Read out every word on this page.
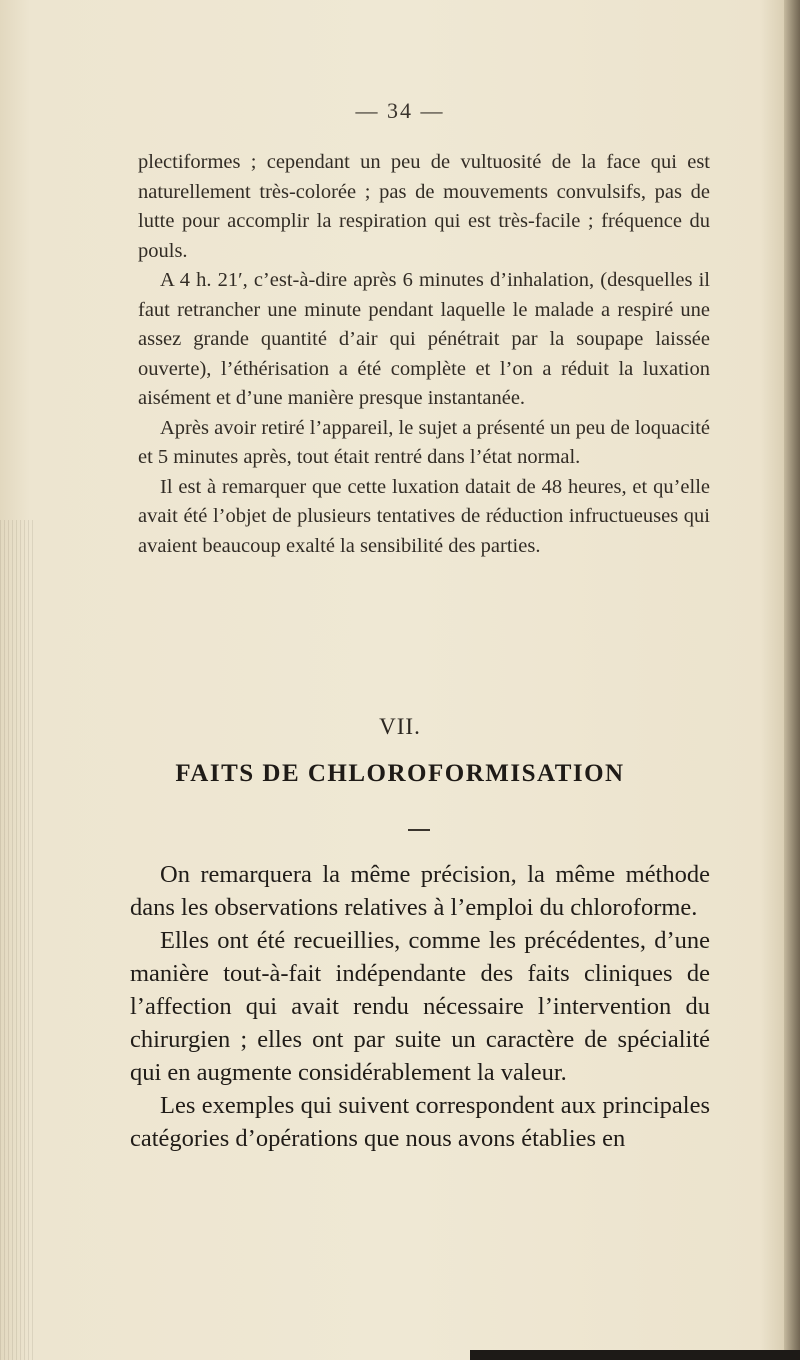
— 34 —

plectiformes ; cependant un peu de vultuosité de la face qui est naturellement très-colorée ; pas de mouvements convulsifs, pas de lutte pour accomplir la respiration qui est très-facile ; fréquence du pouls.

A 4 h. 21′, c’est-à-dire après 6 minutes d’inhalation, (desquelles il faut retrancher une minute pendant laquelle le malade a respiré une assez grande quantité d’air qui pénétrait par la soupape laissée ouverte), l’éthérisation a été complète et l’on a réduit la luxation aisément et d’une manière presque instantanée.

Après avoir retiré l’appareil, le sujet a présenté un peu de loquacité et 5 minutes après, tout était rentré dans l’état normal.

Il est à remarquer que cette luxation datait de 48 heures, et qu’elle avait été l’objet de plusieurs tentatives de réduction infructueuses qui avaient beaucoup exalté la sensibilité des parties.

VII.
FAITS DE CHLOROFORMISATION

On remarquera la même précision, la même méthode dans les observations relatives à l’emploi du chloroforme.

Elles ont été recueillies, comme les précédentes, d’une manière tout-à-fait indépendante des faits cliniques de l’affection qui avait rendu nécessaire l’intervention du chirurgien ; elles ont par suite un caractère de spécialité qui en augmente considérablement la valeur.

Les exemples qui suivent correspondent aux principales catégories d’opérations que nous avons établies en
